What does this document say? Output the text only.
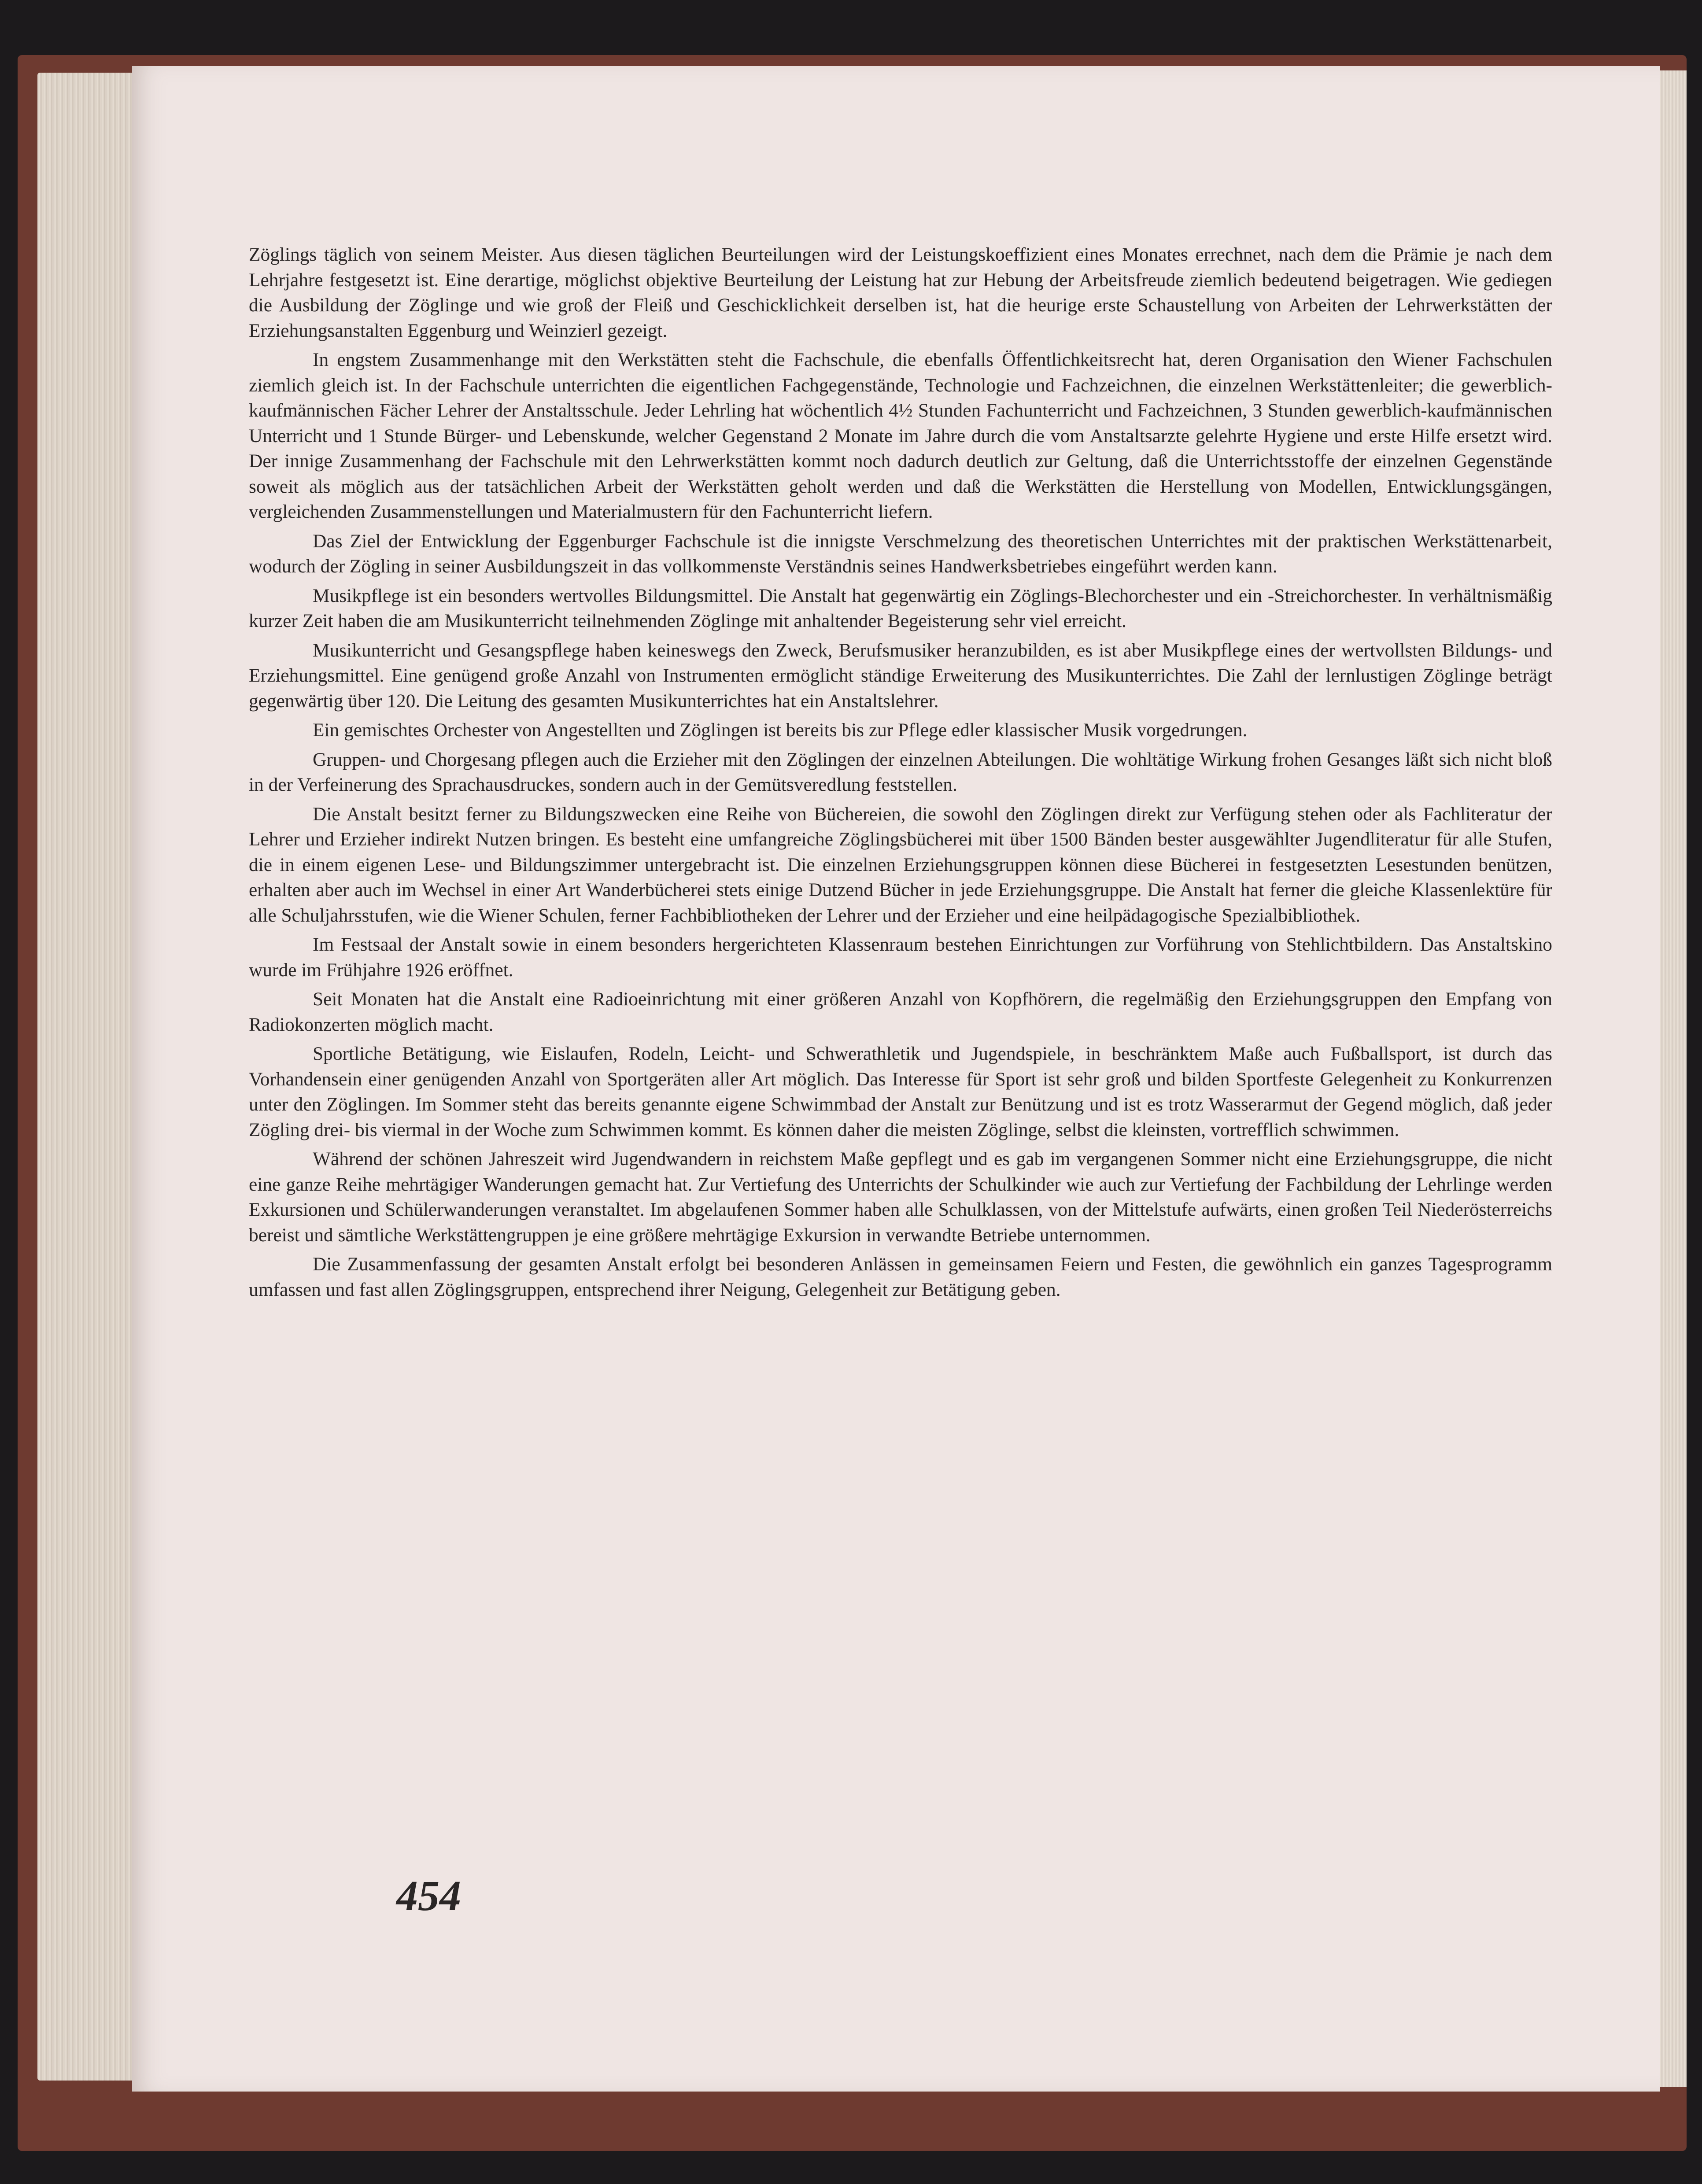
Zöglings täglich von seinem Meister. Aus diesen täglichen Beurteilungen wird der Leistungskoeffizient eines Monates errechnet, nach dem die Prämie je nach dem Lehrjahre festgesetzt ist. Eine derartige, möglichst objektive Beurteilung der Leistung hat zur Hebung der Arbeitsfreude ziemlich bedeutend beigetragen. Wie gediegen die Ausbildung der Zöglinge und wie groß der Fleiß und Geschicklichkeit derselben ist, hat die heurige erste Schaustellung von Arbeiten der Lehrwerkstätten der Erziehungsanstalten Eggenburg und Weinzierl gezeigt.

In engstem Zusammenhange mit den Werkstätten steht die Fachschule, die ebenfalls Öffentlichkeitsrecht hat, deren Organisation den Wiener Fachschulen ziemlich gleich ist. In der Fachschule unterrichten die eigentlichen Fachgegenstände, Technologie und Fachzeichnen, die einzelnen Werkstättenleiter; die gewerblich-kaufmännischen Fächer Lehrer der Anstaltsschule. Jeder Lehrling hat wöchentlich 4½ Stunden Fachunterricht und Fachzeichnen, 3 Stunden gewerblich-kaufmännischen Unterricht und 1 Stunde Bürger- und Lebenskunde, welcher Gegenstand 2 Monate im Jahre durch die vom Anstaltsarzte gelehrte Hygiene und erste Hilfe ersetzt wird. Der innige Zusammenhang der Fachschule mit den Lehrwerkstätten kommt noch dadurch deutlich zur Geltung, daß die Unterrichtsstoffe der einzelnen Gegenstände soweit als möglich aus der tatsächlichen Arbeit der Werkstätten geholt werden und daß die Werkstätten die Herstellung von Modellen, Entwicklungsgängen, vergleichenden Zusammenstellungen und Materialmustern für den Fachunterricht liefern.

Das Ziel der Entwicklung der Eggenburger Fachschule ist die innigste Verschmelzung des theoretischen Unterrichtes mit der praktischen Werkstättenarbeit, wodurch der Zögling in seiner Ausbildungszeit in das vollkommenste Verständnis seines Handwerksbetriebes eingeführt werden kann.

Musikpflege ist ein besonders wertvolles Bildungsmittel. Die Anstalt hat gegenwärtig ein Zöglings-Blechorchester und ein -Streichorchester. In verhältnismäßig kurzer Zeit haben die am Musikunterricht teilnehmenden Zöglinge mit anhaltender Begeisterung sehr viel erreicht.

Musikunterricht und Gesangspflege haben keineswegs den Zweck, Berufsmusiker heranzubilden, es ist aber Musikpflege eines der wertvollsten Bildungs- und Erziehungsmittel. Eine genügend große Anzahl von Instrumenten ermöglicht ständige Erweiterung des Musikunterrichtes. Die Zahl der lernlustigen Zöglinge beträgt gegenwärtig über 120. Die Leitung des gesamten Musikunterrichtes hat ein Anstaltslehrer.

Ein gemischtes Orchester von Angestellten und Zöglingen ist bereits bis zur Pflege edler klassischer Musik vorgedrungen.

Gruppen- und Chorgesang pflegen auch die Erzieher mit den Zöglingen der einzelnen Abteilungen. Die wohltätige Wirkung frohen Gesanges läßt sich nicht bloß in der Verfeinerung des Sprachausdruckes, sondern auch in der Gemütsveredlung feststellen.

Die Anstalt besitzt ferner zu Bildungszwecken eine Reihe von Büchereien, die sowohl den Zöglingen direkt zur Verfügung stehen oder als Fachliteratur der Lehrer und Erzieher indirekt Nutzen bringen. Es besteht eine umfangreiche Zöglingsbücherei mit über 1500 Bänden bester ausgewählter Jugendliteratur für alle Stufen, die in einem eigenen Lese- und Bildungszimmer untergebracht ist. Die einzelnen Erziehungsgruppen können diese Bücherei in festgesetzten Lesestunden benützen, erhalten aber auch im Wechsel in einer Art Wanderbücherei stets einige Dutzend Bücher in jede Erziehungsgruppe. Die Anstalt hat ferner die gleiche Klassenlektüre für alle Schuljahrsstufen, wie die Wiener Schulen, ferner Fachbibliotheken der Lehrer und der Erzieher und eine heilpädagogische Spezialbibliothek.

Im Festsaal der Anstalt sowie in einem besonders hergerichteten Klassenraum bestehen Einrichtungen zur Vorführung von Stehlichtbildern. Das Anstaltskino wurde im Frühjahre 1926 eröffnet.

Seit Monaten hat die Anstalt eine Radioeinrichtung mit einer größeren Anzahl von Kopfhörern, die regelmäßig den Erziehungsgruppen den Empfang von Radiokonzerten möglich macht.

Sportliche Betätigung, wie Eislaufen, Rodeln, Leicht- und Schwerathletik und Jugendspiele, in beschränktem Maße auch Fußballsport, ist durch das Vorhandensein einer genügenden Anzahl von Sportgeräten aller Art möglich. Das Interesse für Sport ist sehr groß und bilden Sportfeste Gelegenheit zu Konkurrenzen unter den Zöglingen. Im Sommer steht das bereits genannte eigene Schwimmbad der Anstalt zur Benützung und ist es trotz Wasserarmut der Gegend möglich, daß jeder Zögling drei- bis viermal in der Woche zum Schwimmen kommt. Es können daher die meisten Zöglinge, selbst die kleinsten, vortrefflich schwimmen.

Während der schönen Jahreszeit wird Jugendwandern in reichstem Maße gepflegt und es gab im vergangenen Sommer nicht eine Erziehungsgruppe, die nicht eine ganze Reihe mehrtägiger Wanderungen gemacht hat. Zur Vertiefung des Unterrichts der Schulkinder wie auch zur Vertiefung der Fachbildung der Lehrlinge werden Exkursionen und Schülerwanderungen veranstaltet. Im abgelaufenen Sommer haben alle Schulklassen, von der Mittelstufe aufwärts, einen großen Teil Niederösterreichs bereist und sämtliche Werkstättengruppen je eine größere mehrtägige Exkursion in verwandte Betriebe unternommen.

Die Zusammenfassung der gesamten Anstalt erfolgt bei besonderen Anlässen in gemeinsamen Feiern und Festen, die gewöhnlich ein ganzes Tagesprogramm umfassen und fast allen Zöglingsgruppen, entsprechend ihrer Neigung, Gelegenheit zur Betätigung geben.

454
